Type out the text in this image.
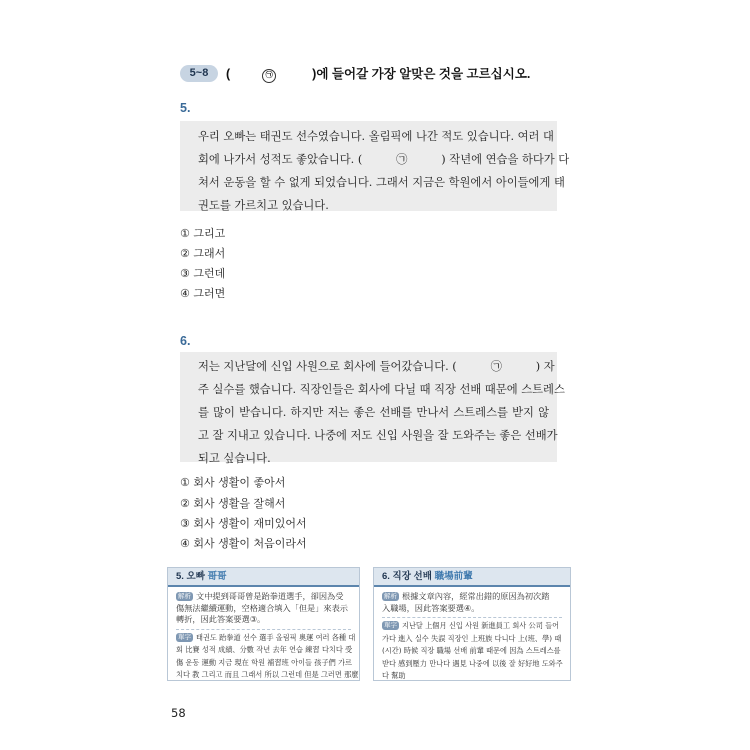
5~8	(	㉠	)에 들어갈 가장 알맞은 것을 고르십시오.
5.
우리 오빠는 태권도 선수였습니다. 올림픽에 나간 적도 있습니다. 여러 대
회에 나가서 성적도 좋았습니다. (　　　㉠　　　) 작년에 연습을 하다가 다
쳐서 운동을 할 수 없게 되었습니다. 그래서 지금은 학원에서 아이들에게 태
권도를 가르치고 있습니다.
① 그리고
② 그래서
③ 그런데
④ 그러면
6.
저는 지난달에 신입 사원으로 회사에 들어갔습니다. (　　　㉠　　　) 자
주 실수를 했습니다. 직장인들은 회사에 다닐 때 직장 선배 때문에 스트레스
를 많이 받습니다. 하지만 저는 좋은 선배를 만나서 스트레스를 받지 않
고 잘 지내고 있습니다. 나중에 저도 신입 사원을 잘 도와주는 좋은 선배가
되고 싶습니다.
① 회사 생활이 좋아서
② 회사 생활을 잘해서
③ 회사 생활이 재미있어서
④ 회사 생활이 처음이라서
5. 오빠 哥哥
解析 文中提到哥哥曾是跆拳道選手，卻因為受
傷無法繼續運動，空格適合填入「但是」來表示
轉折，因此答案要選③。
單字 태권도 跆拳道 선수 選手 올림픽 奧運 여러 各種 대
회 比賽 성적 成績、分數 작년 去年 연습 練習 다치다 受
傷 운동 運動 지금 現在 학원 補習班 아이들 孩子們 가르
치다 教 그리고 而且 그래서 所以 그런데 但是 그러면 那麼
6. 직장 선배 職場前輩
解析 根據文章內容，經常出錯的原因為初次踏
入職場，因此答案要選④。
單字 지난달 上個月 신입 사원 新進員工 회사 公司 들어
가다 進入 실수 失誤 직장인 上班族 다니다 上(班、學) 때
(시간) 時候 직장 職場 선배 前輩 때문에 因為 스트레스를
받다 感到壓力 만나다 遇見 나중에 以後 잘 好好地 도와주
다 幫助
58
